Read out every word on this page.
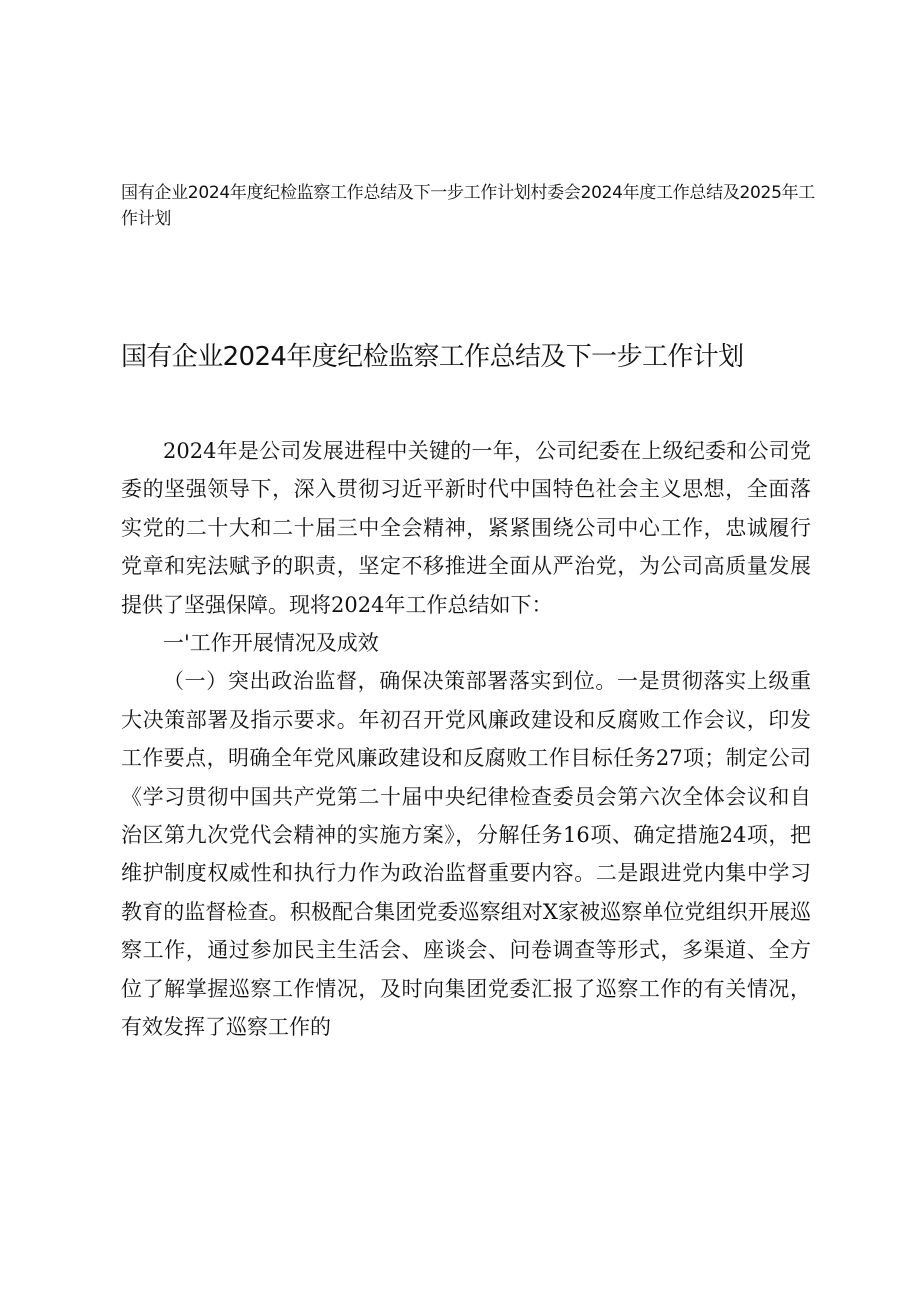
国有企业2024年度纪检监察工作总结及下一步工作计划村委会2024年度工作总结及2025年工作计划
国有企业2024年度纪检监察工作总结及下一步工作计划

2024年是公司发展进程中关键的一年，公司纪委在上级纪委和公司党委的坚强领导下，深入贯彻习近平新时代中国特色社会主义思想，全面落实党的二十大和二十届三中全会精神，紧紧围绕公司中心工作，忠诚履行党章和宪法赋予的职责，坚定不移推进全面从严治党，为公司高质量发展提供了坚强保障。现将2024年工作总结如下：

一'工作开展情况及成效

（一）突出政治监督，确保决策部署落实到位。一是贯彻落实上级重大决策部署及指示要求。年初召开党风廉政建设和反腐败工作会议，印发工作要点，明确全年党风廉政建设和反腐败工作目标任务27项；制定公司《学习贯彻中国共产党第二十届中央纪律检查委员会第六次全体会议和自治区第九次党代会精神的实施方案》，分解任务16项、确定措施24项，把维护制度权威性和执行力作为政治监督重要内容。二是跟进党内集中学习教育的监督检查。积极配合集团党委巡察组对X家被巡察单位党组织开展巡察工作，通过参加民主生活会、座谈会、问卷调查等形式，多渠道、全方位了解掌握巡察工作情况，及时向集团党委汇报了巡察工作的有关情况，有效发挥了巡察工作的
